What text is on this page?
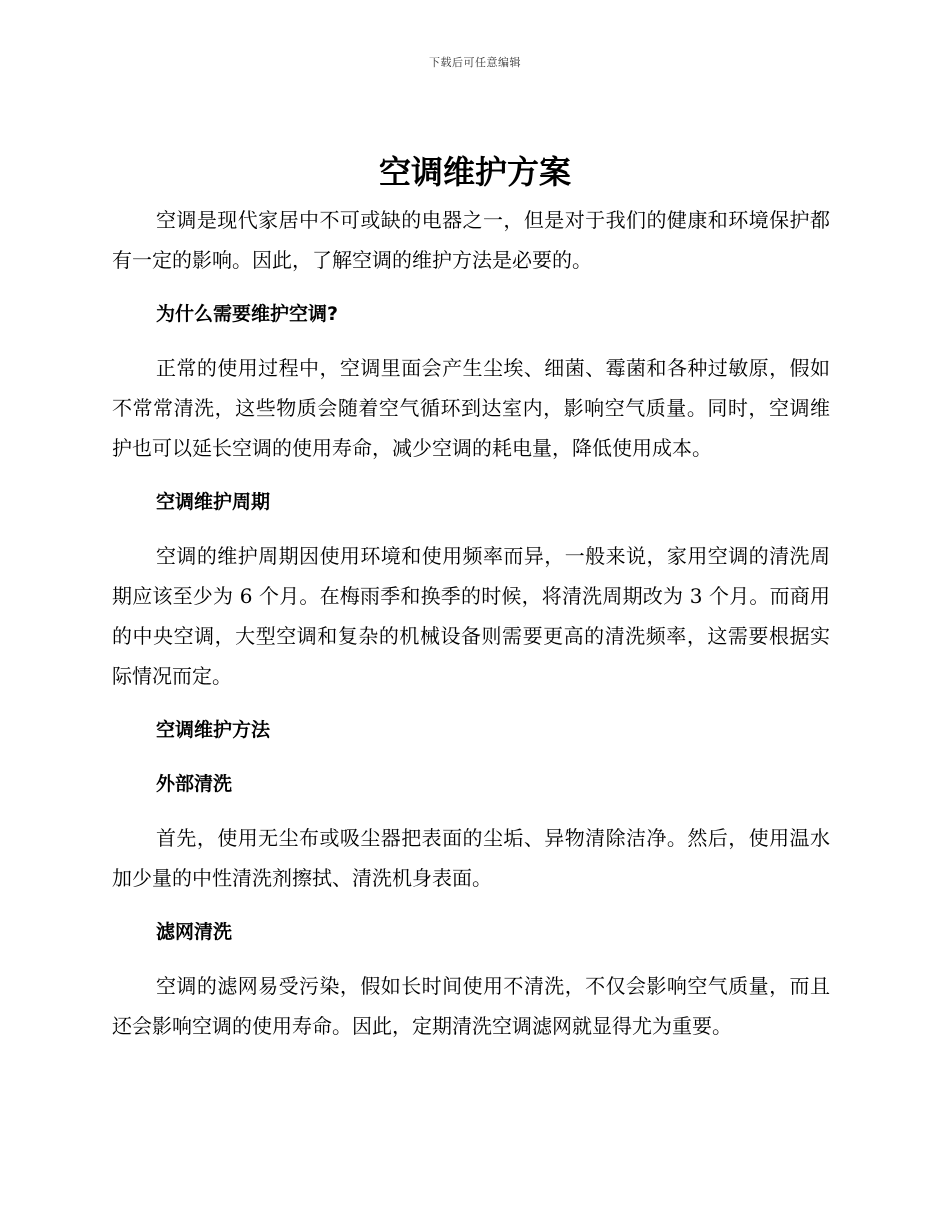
下载后可任意编辑
空调维护方案

空调是现代家居中不可或缺的电器之一，但是对于我们的健康和环境保护都有一定的影响。因此，了解空调的维护方法是必要的。

为什么需要维护空调?

正常的使用过程中，空调里面会产生尘埃、细菌、霉菌和各种过敏原，假如不常常清洗，这些物质会随着空气循环到达室内，影响空气质量。同时，空调维护也可以延长空调的使用寿命，减少空调的耗电量，降低使用成本。

空调维护周期

空调的维护周期因使用环境和使用频率而异，一般来说，家用空调的清洗周期应该至少为 6 个月。在梅雨季和换季的时候，将清洗周期改为 3 个月。而商用的中央空调，大型空调和复杂的机械设备则需要更高的清洗频率，这需要根据实际情况而定。

空调维护方法

外部清洗

首先，使用无尘布或吸尘器把表面的尘垢、异物清除洁净。然后，使用温水加少量的中性清洗剂擦拭、清洗机身表面。

滤网清洗

空调的滤网易受污染，假如长时间使用不清洗，不仅会影响空气质量，而且还会影响空调的使用寿命。因此，定期清洗空调滤网就显得尤为重要。
